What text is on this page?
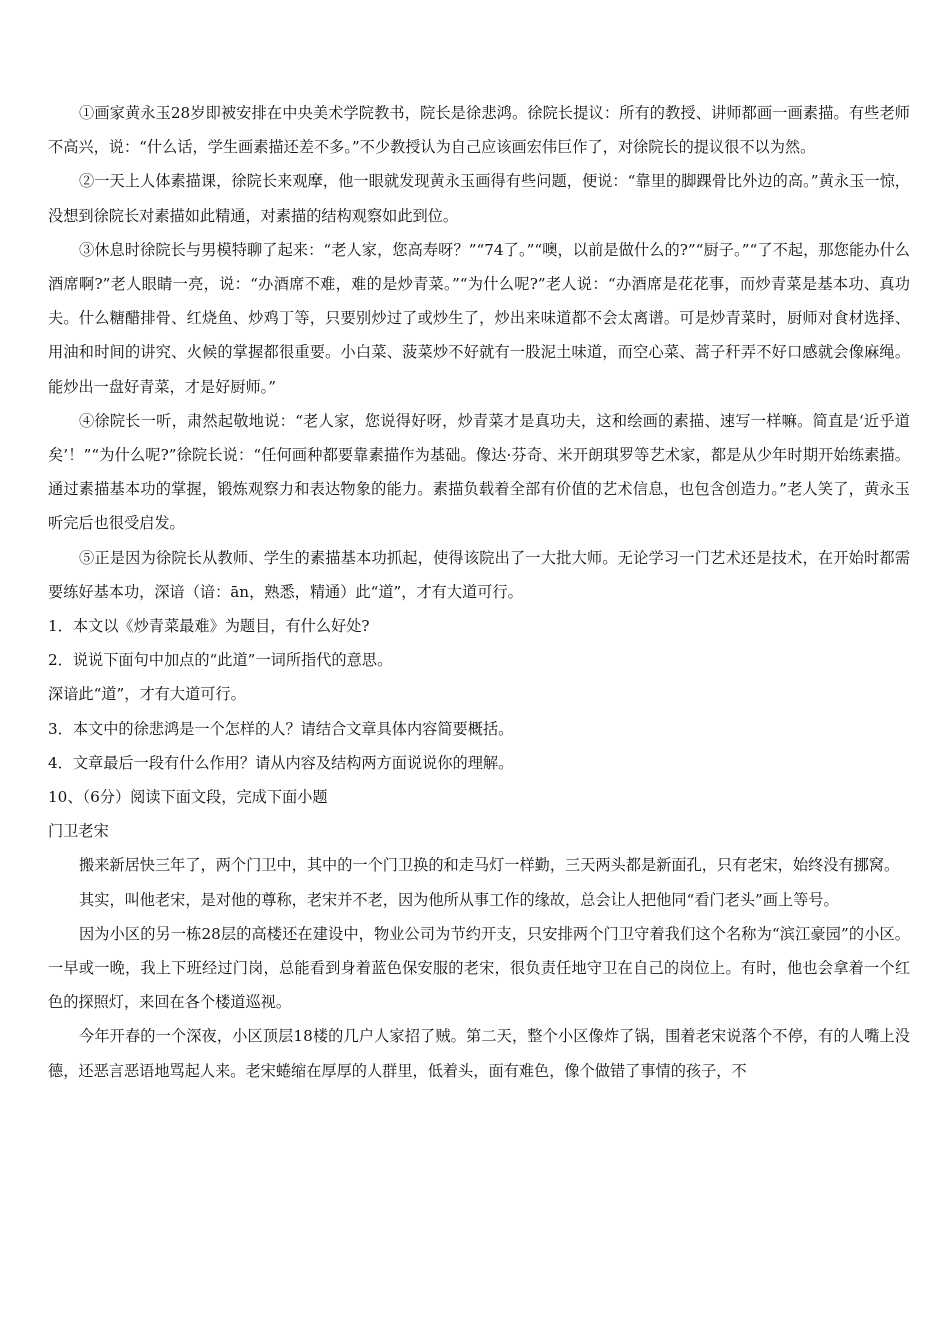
①画家黄永玉28岁即被安排在中央美术学院教书，院长是徐悲鸿。徐院长提议：所有的教授、讲师都画一画素描。有些老师不高兴，说：“什么话，学生画素描还差不多。”不少教授认为自己应该画宏伟巨作了，对徐院长的提议很不以为然。

②一天上人体素描课，徐院长来观摩，他一眼就发现黄永玉画得有些问题，便说：“靠里的脚踝骨比外边的高。”黄永玉一惊，没想到徐院长对素描如此精通，对素描的结构观察如此到位。

③休息时徐院长与男模特聊了起来：“老人家，您高寿呀？”“74了。”“噢，以前是做什么的?”“厨子。”“了不起，那您能办什么酒席啊?”老人眼睛一亮，说：“办酒席不难，难的是炒青菜。”“为什么呢?”老人说：“办酒席是花花事，而炒青菜是基本功、真功夫。什么糖醋排骨、红烧鱼、炒鸡丁等，只要别炒过了或炒生了，炒出来味道都不会太离谱。可是炒青菜时，厨师对食材选择、用油和时间的讲究、火候的掌握都很重要。小白菜、菠菜炒不好就有一股泥土味道，而空心菜、蒿子秆弄不好口感就会像麻绳。能炒出一盘好青菜，才是好厨师。”

④徐院长一听，肃然起敬地说：“老人家，您说得好呀，炒青菜才是真功夫，这和绘画的素描、速写一样嘛。简直是‘近乎道矣’！”“为什么呢?”徐院长说：“任何画种都要靠素描作为基础。像达·芬奇、米开朗琪罗等艺术家，都是从少年时期开始练素描。通过素描基本功的掌握，锻炼观察力和表达物象的能力。素描负载着全部有价值的艺术信息，也包含创造力。”老人笑了，黄永玉听完后也很受启发。

⑤正是因为徐院长从教师、学生的素描基本功抓起，使得该院出了一大批大师。无论学习一门艺术还是技术，在开始时都需要练好基本功，深谙（谙：ān，熟悉，精通）此“道”，才有大道可行。

1．本文以《炒青菜最难》为题目，有什么好处?

2．说说下面句中加点的“此道”一词所指代的意思。

深谙此“道”，才有大道可行。

3．本文中的徐悲鸿是一个怎样的人？请结合文章具体内容简要概括。

4．文章最后一段有什么作用？请从内容及结构两方面说说你的理解。

10、（6分）阅读下面文段，完成下面小题

门卫老宋

搬来新居快三年了，两个门卫中，其中的一个门卫换的和走马灯一样勤，三天两头都是新面孔，只有老宋，始终没有挪窝。

其实，叫他老宋，是对他的尊称，老宋并不老，因为他所从事工作的缘故，总会让人把他同“看门老头”画上等号。

因为小区的另一栋28层的高楼还在建设中，物业公司为节约开支，只安排两个门卫守着我们这个名称为“滨江豪园”的小区。一早或一晚，我上下班经过门岗，总能看到身着蓝色保安服的老宋，很负责任地守卫在自己的岗位上。有时，他也会拿着一个红色的探照灯，来回在各个楼道巡视。

今年开春的一个深夜，小区顶层18楼的几户人家招了贼。第二天，整个小区像炸了锅，围着老宋说落个不停，有的人嘴上没德，还恶言恶语地骂起人来。老宋蜷缩在厚厚的人群里，低着头，面有难色，像个做错了事情的孩子，不
